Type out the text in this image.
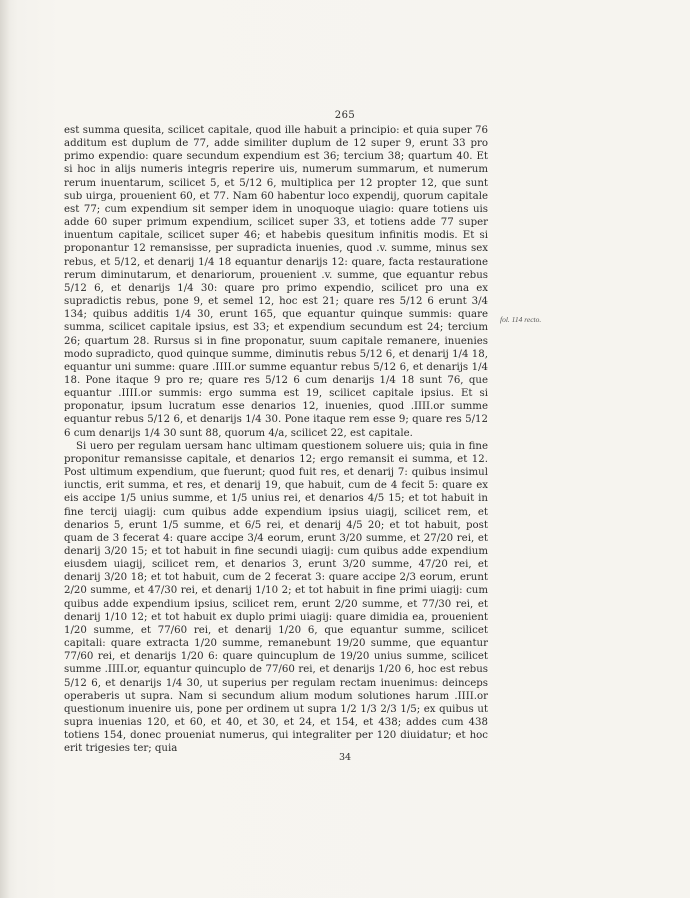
265

est summa quesita, scilicet capitale, quod ille habuit a principio: et quia super 76 additum est duplum de 77, adde similiter duplum de 12 super 9, erunt 33 pro primo expendio: quare secundum expendium est 36; tercium 38; quartum 40. Et si hoc in alijs numeris integris reperire uis, numerum summarum, et numerum rerum inuentarum, scilicet 5, et 5/12 6, multiplica per 12 propter 12, que sunt sub uirga, prouenient 60, et 77. Nam 60 habentur loco expendij, quorum capitale est 77; cum expendium sit semper idem in unoquoque uiagio: quare totiens uis adde 60 super primum expendium, scilicet super 33, et totiens adde 77 super inuentum capitale, scilicet super 46; et habebis quesitum infinitis modis. Et si proponantur 12 remansisse, per supradicta inuenies, quod .v. summe, minus sex rebus, et 5/12, et denarij 1/4 18 equantur denarijs 12: quare, facta restauratione rerum diminutarum, et denariorum, prouenient .v. summe, que equantur rebus 5/12 6, et denarijs 1/4 30: quare pro primo expendio, scilicet pro una ex supradictis rebus, pone 9, et semel 12, hoc est 21; quare res 5/12 6 erunt 3/4 134; quibus additis 1/4 30, erunt 165, que equantur quinque summis: quare summa, scilicet capitale ipsius, est 33; et expendium secundum est 24; tercium 26; quartum 28. Rursus si in fine proponatur, suum capitale remanere, inuenies modo supradicto, quod quinque summe, diminutis rebus 5/12 6, et denarij 1/4 18, equantur uni summe: quare .IIII.or summe equantur rebus 5/12 6, et denarijs 1/4 18. Pone itaque 9 pro re; quare res 5/12 6 cum denarijs 1/4 18 sunt 76, que equantur .IIII.or summis: ergo summa est 19, scilicet capitale ipsius. Et si proponatur, ipsum lucratum esse denarios 12, inuenies, quod .IIII.or summe equantur rebus 5/12 6, et denarijs 1/4 30. Pone itaque rem esse 9; quare res 5/12 6 cum denarijs 1/4 30 sunt 88, quorum 4/a, scilicet 22, est capitale.

Si uero per regulam uersam hanc ultimam questionem soluere uis; quia in fine proponitur remansisse capitale, et denarios 12; ergo remansit ei summa, et 12. Post ultimum expendium, que fuerunt; quod fuit res, et denarij 7: quibus insimul iunctis, erit summa, et res, et denarij 19, que habuit, cum de 4 fecit 5: quare ex eis accipe 1/5 unius summe, et 1/5 unius rei, et denarios 4/5 15; et tot habuit in fine tercij uiagij: cum quibus adde expendium ipsius uiagij, scilicet rem, et denarios 5, erunt 1/5 summe, et 6/5 rei, et denarij 4/5 20; et tot habuit, post quam de 3 fecerat 4: quare accipe 3/4 eorum, erunt 3/20 summe, et 27/20 rei, et denarij 3/20 15; et tot habuit in fine secundi uiagij: cum quibus adde expendium eiusdem uiagij, scilicet rem, et denarios 3, erunt 3/20 summe, 47/20 rei, et denarij 3/20 18; et tot habuit, cum de 2 fecerat 3: quare accipe 2/3 eorum, erunt 2/20 summe, et 47/30 rei, et denarij 1/10 2; et tot habuit in fine primi uiagij: cum quibus adde expendium ipsius, scilicet rem, erunt 2/20 summe, et 77/30 rei, et denarij 1/10 12; et tot habuit ex duplo primi uiagij: quare dimidia ea, prouenient 1/20 summe, et 77/60 rei, et denarij 1/20 6, que equantur summe, scilicet capitali: quare extracta 1/20 summe, remanebunt 19/20 summe, que equantur 77/60 rei, et denarijs 1/20 6: quare quincuplum de 19/20 unius summe, scilicet summe .IIII.or, equantur quincuplo de 77/60 rei, et denarijs 1/20 6, hoc est rebus 5/12 6, et denarijs 1/4 30, ut superius per regulam rectam inuenimus: deinceps operaberis ut supra. Nam si secundum alium modum solutiones harum .IIII.or questionum inuenire uis, pone per ordinem ut supra 1/2 1/3 2/3 1/5; ex quibus ut supra inuenias 120, et 60, et 40, et 30, et 24, et 154, et 438; addes cum 438 totiens 154, donec proueniat numerus, qui integraliter per 120 diuidatur; et hoc erit trigesies ter; quia

fol. 114 recto.
34
